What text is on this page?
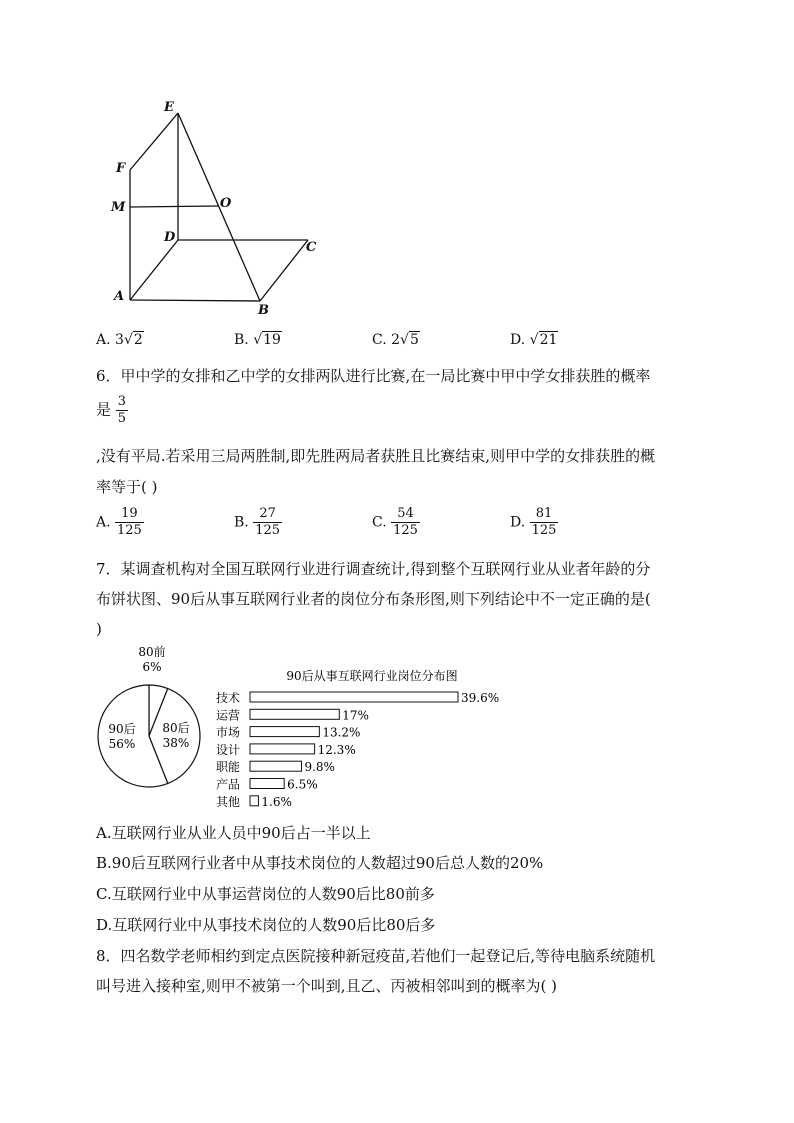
E
F
M	O
D
C
A
B
A. 3√2	B. √19	C. 2√5	D. √21
6．甲中学的女排和乙中学的女排两队进行比赛,在一局比赛中甲中学女排获胜的概率
是 $\frac{3}{5}$
,没有平局.若采用三局两胜制,即先胜两局者获胜且比赛结束,则甲中学的女排获胜的概
率等于( )
A. $\frac{19}{125}$	B. $\frac{27}{125}$	C. $\frac{54}{125}$	D. $\frac{81}{125}$
7．某调查机构对全国互联网行业进行调查统计,得到整个互联网行业从业者年龄的分
布饼状图、90后从事互联网行业者的岗位分布条形图,则下列结论中不一定正确的是(
)
80前
6%
80后
38%
90后
56%
90后从事互联网行业岗位分布图
技术	39.6%
运营	17%
市场	13.2%
设计	12.3%
职能	9.8%
产品	6.5%
其他 1.6%
A.互联网行业从业人员中90后占一半以上
B.90后互联网行业者中从事技术岗位的人数超过90后总人数的20%
C.互联网行业中从事运营岗位的人数90后比80前多
D.互联网行业中从事技术岗位的人数90后比80后多
8．四名数学老师相约到定点医院接种新冠疫苗,若他们一起登记后,等待电脑系统随机
叫号进入接种室,则甲不被第一个叫到,且乙、丙被相邻叫到的概率为( )
